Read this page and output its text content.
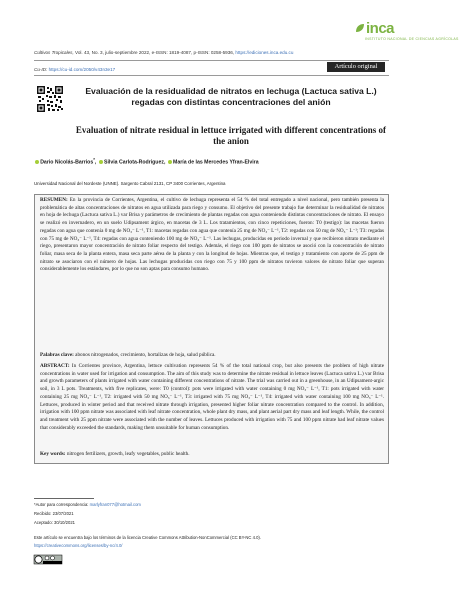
inca
INSTITUTO NACIONAL DE CIENCIAS AGRÍCOLAS
Cultivos Tropicales, Vol. 43, No. 3, julio-septiembre 2022, e-ISSN: 1819-4087, p-ISSN: 0258-5936, https://ediciones.inca.edu.cu
Cu-ID: https://cu-id.com/2050/v43n3e17	Artículo original
Evaluación de la residualidad de nitratos en lechuga (Lactuca sativa L.) regadas con distintas concentraciones del anión
Evaluation of nitrate residual in lettuce irrigated with different concentrations of the anion
Dario Nicolás-Barrios*, Silvia Carlota-Rodriguez, María de las Mercedes Yfran-Elvira
Universidad Nacional del Nordeste (UNNE). Sargento Cabral 2131, CP 3400 Corrientes, Argentina
RESUMEN: En la provincia de Corrientes, Argentina, el cultivo de lechuga representa el 54 % del total entregado a nivel nacional, pero también presenta la problemática de altas concentraciones de nitratos en agua utilizada para riego y consumo. El objetivo del presente trabajo fue determinar la residualidad de nitratos en hoja de lechuga (Lactuca sativa L.) var Brisa y parámetros de crecimiento de plantas regadas con agua conteniendo distintas concentraciones de nitrato. El ensayo se realizó en invernadero, en un suelo Udipsament árgico, en macetas de 3 L. Los tratamientos, con cinco repeticiones, fueron: T0 (testigo): las macetas fueron regadas con agua que contenía 0 mg de NO₃⁻ L⁻¹, T1: macetas regadas con agua que contenía 25 mg de NO₃⁻ L⁻¹, T2: regadas con 50 mg de NO₃⁻ L⁻¹; T3: regadas con 75 mg de NO₃⁻ L⁻¹, T4: regadas con agua conteniendo 100 mg de NO₃⁻ L⁻¹. Las lechugas, producidas en periodo invernal y que recibieron nitrato mediante el riego, presentaron mayor concentración de nitrato foliar respecto del testigo. Además, el riego con 100 ppm de nitratos se asoció con la concentración de nitrato foliar, masa seca de la planta entera, masa seca parte aérea de la planta y con la longitud de hojas. Mientras que, el testigo y tratamiento con aporte de 25 ppm de nitrato se asociaron con el número de hojas. Las lechugas producidas con riego con 75 y 100 ppm de nitratos tuvieron valores de nitrato foliar que superan considerablemente los estándares, por lo que no son aptas para consumo humano.
Palabras clave: abonos nitrogenados, crecimiento, hortalizas de hoja, salud pública.
ABSTRACT: In Corrientes province, Argentina, lettuce cultivation represents 54 % of the total national crop, but also presents the problem of high nitrate concentrations in water used for irrigation and consumption. The aim of this study was to determine the nitrate residual in lettuce leaves (Lactuca sativa L.) var Brisa and growth parameters of plants irrigated with water containing different concentrations of nitrate. The trial was carried out in a greenhouse, in an Udipsament-argic soil, in 3 L pots. Treatments, with five replicates, were: T0 (control): pots were irrigated with water containing 0 mg NO₃⁻ L⁻¹, T1: pots irrigated with water containing 25 mg NO₃⁻ L⁻¹, T2: irrigated with 50 mg NO₃⁻ L⁻¹, T3: irrigated with 75 mg NO₃⁻ L⁻¹, T4: irrigated with water containing 100 mg NO₃⁻ L⁻¹. Lettuces, produced in winter period and that received nitrate through irrigation, presented higher foliar nitrate concentration compared to the control. In addition, irrigation with 100 ppm nitrate was associated with leaf nitrate concentration, whole plant dry mass, and plant aerial part dry mass and leaf length. While, the control and treatment with 25 ppm nitrate were associated with the number of leaves. Lettuces produced with irrigation with 75 and 100 ppm nitrate had leaf nitrate values that considerably exceeded the standards, making them unsuitable for human consumption.
Key words: nitrogen fertilizers, growth, leafy vegetables, public health.
*Autor para correspondencia: marlyfran077@hotmail.com
Recibido: 23/07/2021
Aceptado: 30/10/2021
Este artículo se encuentra bajo los términos de la licencia Creative Commons Attribution-NonCommercial (CC BY-NC 4.0).
https://creativecommons.org/licenses/by-nc/4.0/
